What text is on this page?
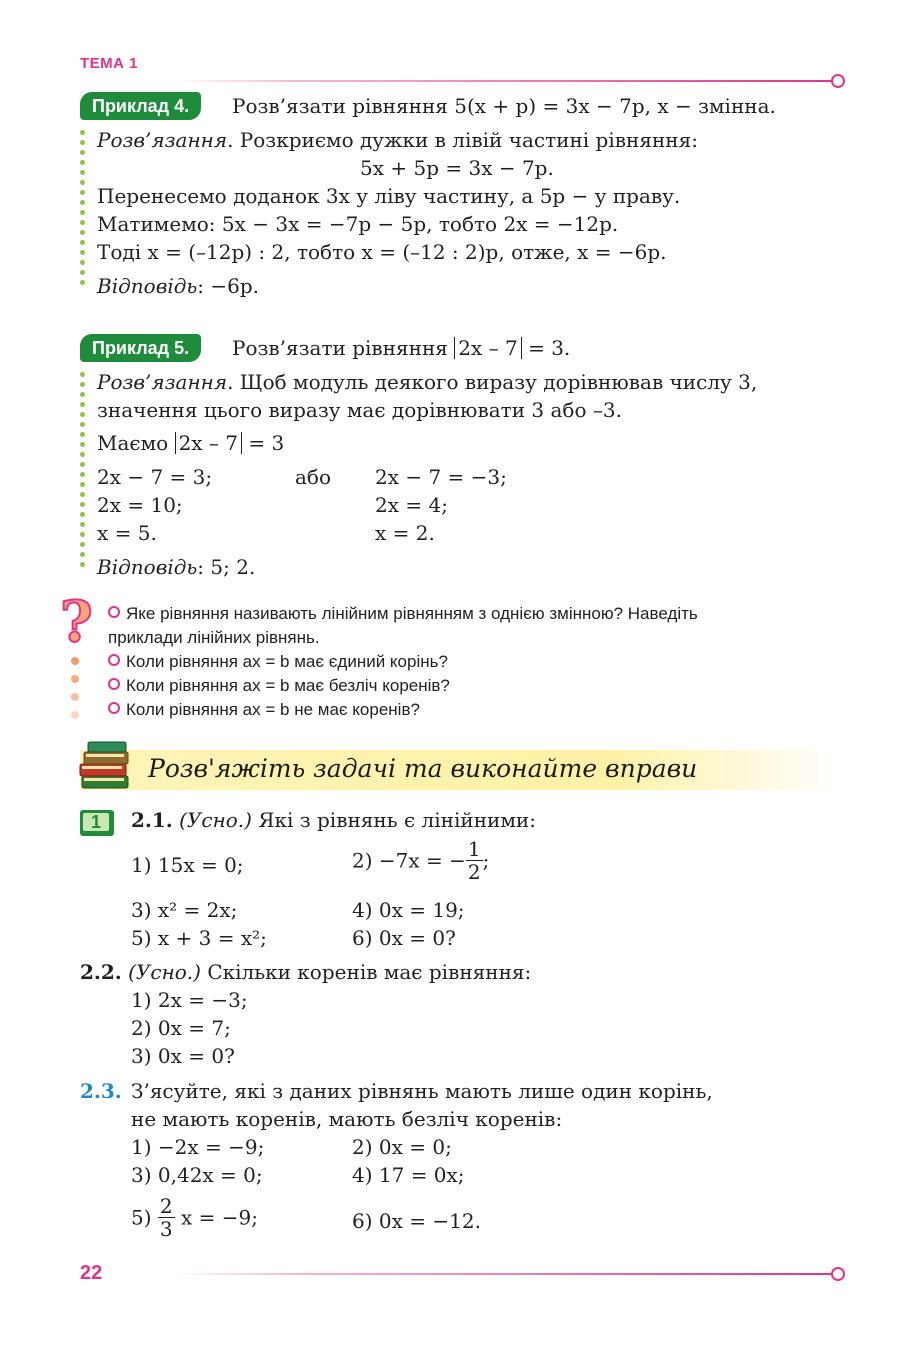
ТЕМА 1
Приклад 4.	Розв’язати рівняння 5(x + p) = 3x − 7p, x − змінна.
Розв’язання. Розкриємо дужки в лівій частині рівняння:
5x + 5p = 3x − 7p.
Перенесемо доданок 3x у ліву частину, а 5p − у праву.
Матимемо: 5x − 3x = −7p − 5p, тобто 2x = −12p.
Тоді x = (–12p) : 2, тобто x = (–12 : 2)p, отже, x = −6p.
Відповідь: −6p.
Приклад 5.	Розв’язати рівняння 2x – 7 = 3.
Розв’язання. Щоб модуль деякого виразу дорівнював числу 3,
значення цього виразу має дорівнювати 3 або –3.
Маємо 2x – 7 = 3
2x − 7 = 3;	або 2x − 7 = −3;
2x = 10;	2x = 4;
x = 5.	x = 2.
Відповідь: 5; 2.
?	Яке рівняння називають лінійним рівнянням з однією змінною? Наведіть
приклади лінійних рівнянь.
Коли рівняння ax = b має єдиний корінь?
Коли рівняння ax = b має безліч коренів?
Коли рівняння ax = b не має коренів?
Розв'яжіть задачі та виконайте вправи
1	2.1. (Усно.) Які з рівнянь є лінійними:
1) 15x = 0;	2) −7x = − $\frac{1}{2}$ ;
3) x² = 2x;	4) 0x = 19;
5) x + 3 = x²;	6) 0x = 0?
2.2. (Усно.) Скільки коренів має рівняння:
1) 2x = −3;
2) 0x = 7;
3) 0x = 0?
2.3. З’ясуйте, які з даних рівнянь мають лише один корінь,
не мають коренів, мають безліч коренів:
1) −2x = −9;	2) 0x = 0;
3) 0,42x = 0;	4) 17 = 0x;
$5) \frac{2}{3}$ x = −9;	6) 0x = −12.
22
